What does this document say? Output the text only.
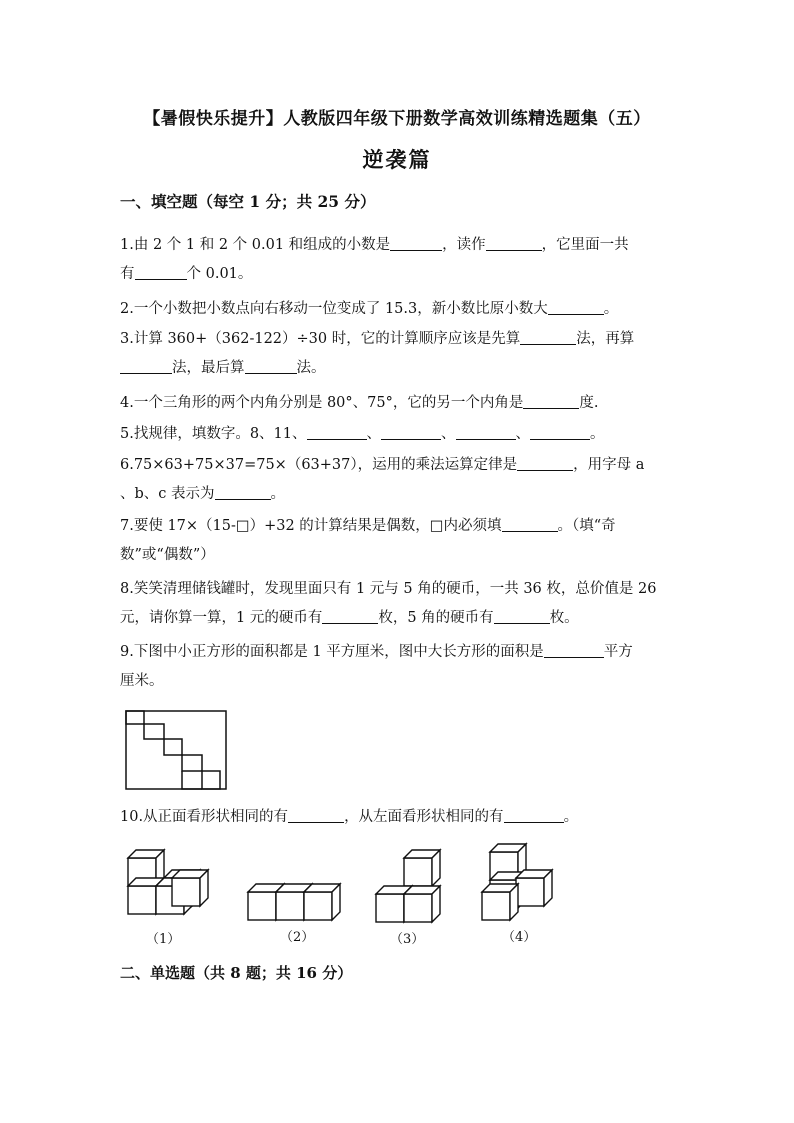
【暑假快乐提升】人教版四年级下册数学高效训练精选题集（五）
逆袭篇
一、填空题（每空 1 分；共 25 分）
1.由 2 个 1 和 2 个 0.01 和组成的小数是	，读作	，它里面一共
有	个 0.01。
2.一个小数把小数点向右移动一位变成了 15.3，新小数比原小数大	。
3.计算 360+（362-122）÷30 时，它的计算顺序应该是先算	法，再算
法，最后算	法。
4.一个三角形的两个内角分别是 80°、75°，它的另一个内角是	度.
5.找规律，填数字。8、11、	、	、	、	。
6.75×63+75×37=75×（63+37），运用的乘法运算定律是	，用字母 a
、b、c 表示为	。
7.要使 17×（15-□）+32 的计算结果是偶数，□内必须填	。（填“奇
数”或“偶数”）
8.笑笑清理储钱罐时，发现里面只有 1 元与 5 角的硬币，一共 36 枚，总价值是 26
元，请你算一算，1 元的硬币有	枚，5 角的硬币有	枚。
9.下图中小正方形的面积都是 1 平方厘米，图中大长方形的面积是	平方
厘米。
10.从正面看形状相同的有	，从左面看形状相同的有	。
（1）	（2）	（3）	（4）
二、单选题（共 8 题；共 16 分）
